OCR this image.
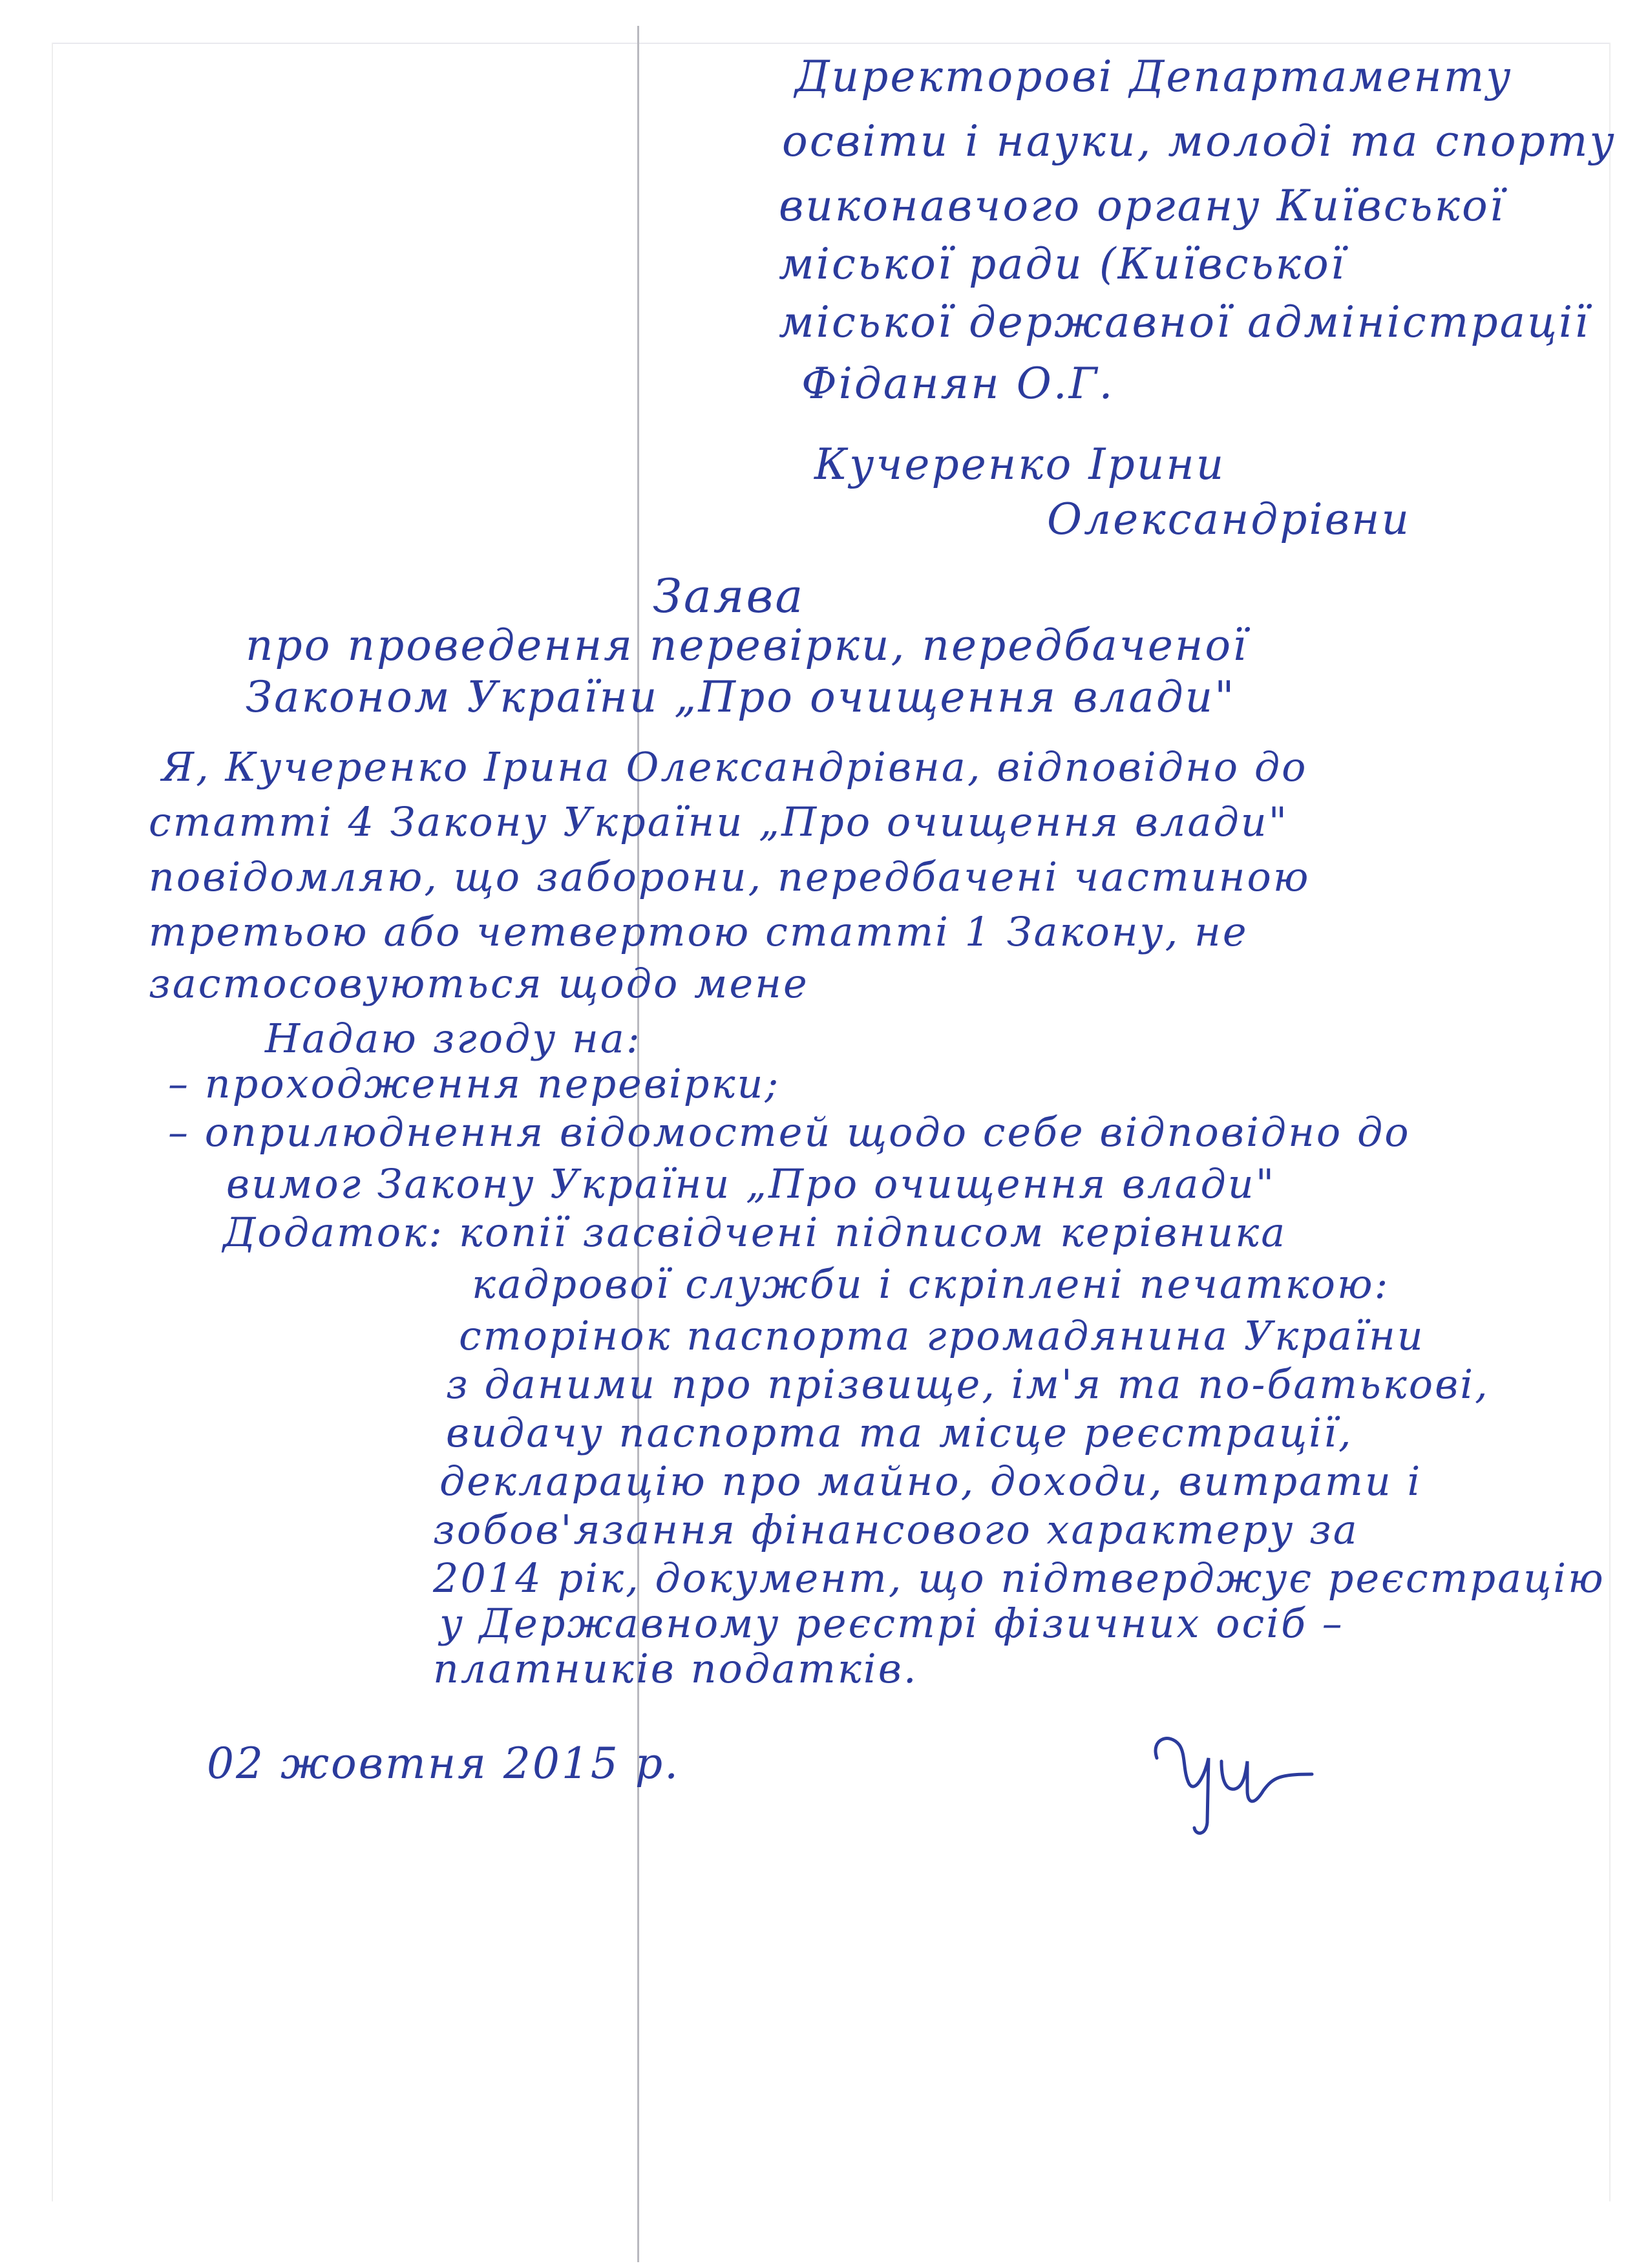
Директорові Департаменту

освіти і науки, молоді та спорту

виконавчого органу Київської

міської ради (Київської

міської державної адміністрації

Фіданян О.Г.

Кучеренко Ірини

Олександрівни

Заява

про проведення перевірки, передбаченої

Законом України „Про очищення влади"

Я, Кучеренко Ірина Олександрівна, відповідно до

статті 4 Закону України „Про очищення влади"

повідомляю, що заборони, передбачені частиною

третьою або четвертою статті 1 Закону, не

застосовуються щодо мене

Надаю згоду на:

– проходження перевірки;

– оприлюднення відомостей щодо себе відповідно до

вимог Закону України „Про очищення влади"

Додаток: копії засвідчені підписом керівника

кадрової служби і скріплені печаткою:

сторінок паспорта громадянина України

з даними про прізвище, ім'я та по-батькові,

видачу паспорта та місце реєстрації,

декларацію про майно, доходи, витрати і

зобов'язання фінансового характеру за

2014 рік, документ, що підтверджує реєстрацію

у Державному реєстрі фізичних осіб –

платників податків.

02 жовтня 2015 р.
